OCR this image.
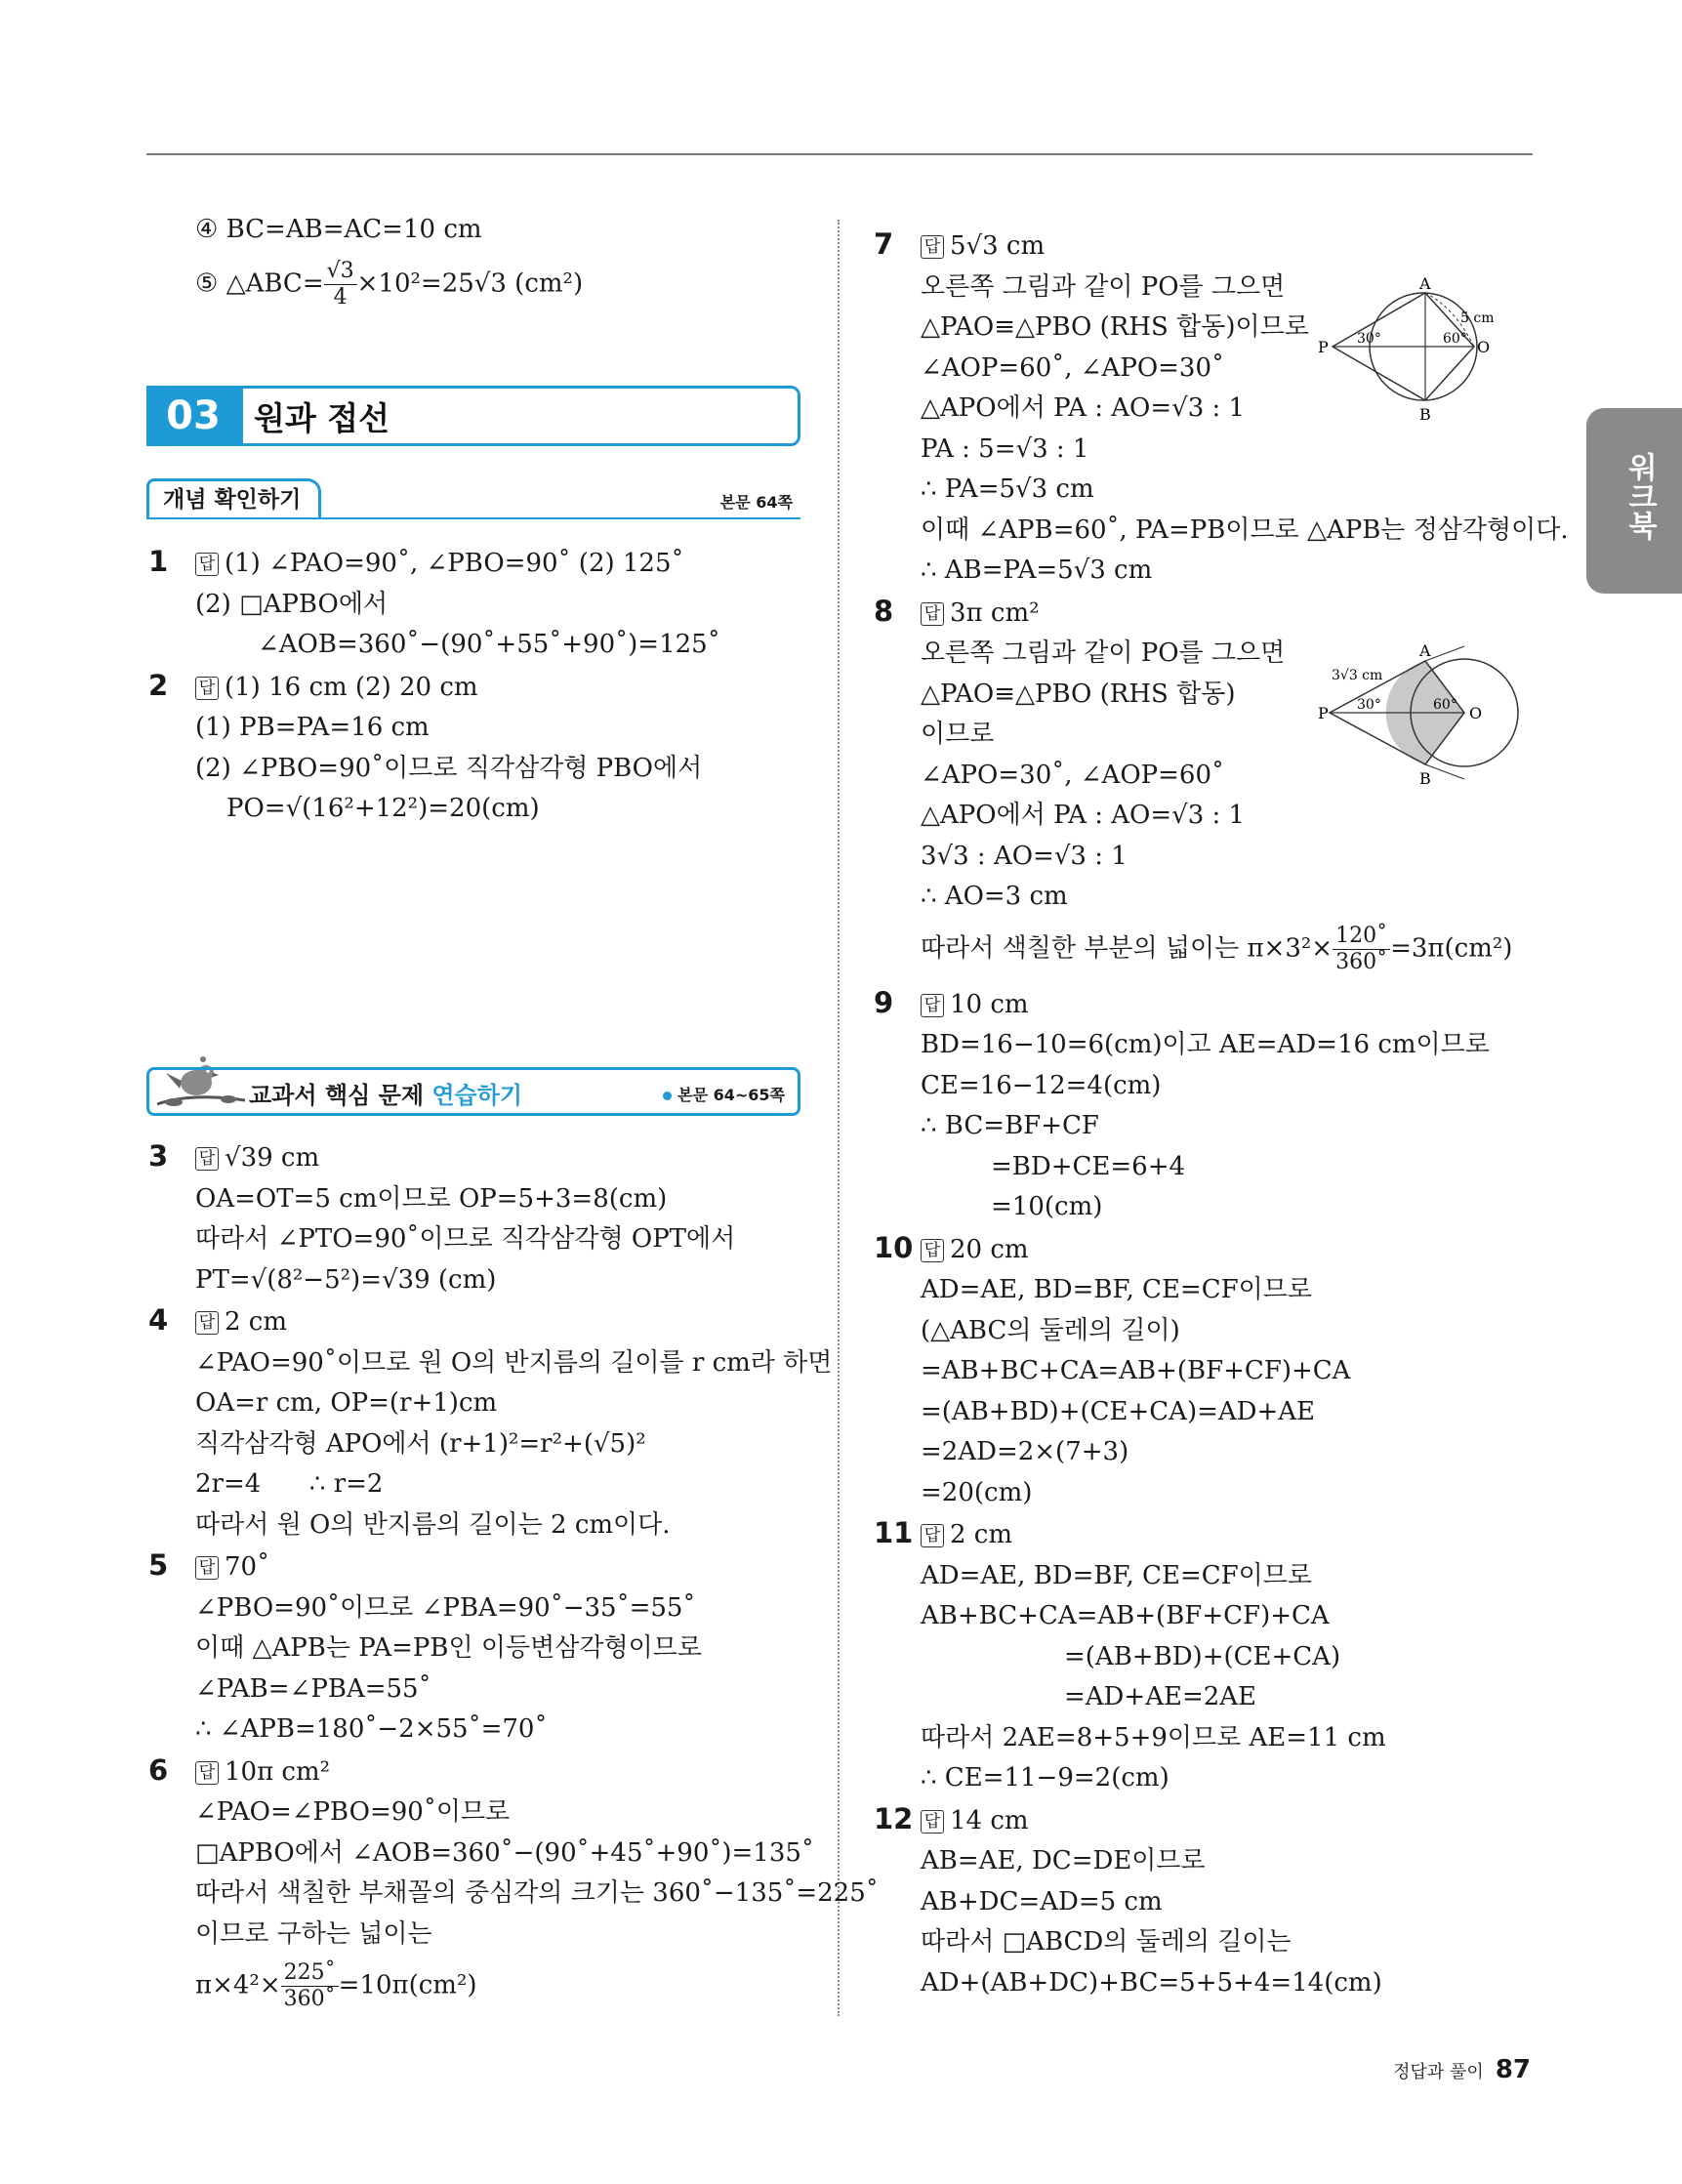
워크북
④ BC=AB=AC=10 cm
⑤ △ABC= $\frac{√3}{4} \times 10^2=25√3$ (cm²)
03	원과 접선
개념 확인하기	본문 64쪽
1 답 (1) ∠PAO=90˚, ∠PBO=90˚ (2) 125˚
(2) □APBO에서
∠AOB=360˚−(90˚+55˚+90˚)=125˚
2 답 (1) 16 cm (2) 20 cm
(1) PB=PA=16 cm
(2) ∠PBO=90˚이므로 직각삼각형 PBO에서
PO=√(16²+12²)=20(cm)
교과서 핵심 문제 연습하기	본문 64~65쪽
3 답 √39 cm
OA=OT=5 cm이므로 OP=5+3=8(cm)
따라서 ∠PTO=90˚이므로 직각삼각형 OPT에서
PT=√(8²−5²)=√39 (cm)
4 답 2 cm
∠PAO=90˚이므로 원 O의 반지름의 길이를 r cm라 하면
OA=r cm, OP=(r+1)cm
직각삼각형 APO에서 (r+1)²=r²+(√5)²
2r=4      ∴ r=2
따라서 원 O의 반지름의 길이는 2 cm이다.
5 답 70˚
∠PBO=90˚이므로 ∠PBA=90˚−35˚=55˚
이때 △APB는 PA=PB인 이등변삼각형이므로
∠PAB=∠PBA=55˚
∴ ∠APB=180˚−2×55˚=70˚
6 답 10π cm²
∠PAO=∠PBO=90˚이므로
□APBO에서 ∠AOB=360˚−(90˚+45˚+90˚)=135˚
따라서 색칠한 부채꼴의 중심각의 크기는 360˚−135˚=225˚
이므로 구하는 넓이는
$\pi\times 4^2\times \frac{225˚}{360˚} =10\pi(cm^2)$
7 답 5√3 cm
오른쪽 그림과 같이 PO를 그으면
△PAO≡△PBO (RHS 합동)이므로
∠AOP=60˚, ∠APO=30˚
△APO에서 PA : AO=√3 : 1
PA : 5=√3 : 1
∴ PA=5√3 cm
이때 ∠APB=60˚, PA=PB이므로 △APB는 정삼각형이다.
∴ AB=PA=5√3 cm
8 답 3π cm²
오른쪽 그림과 같이 PO를 그으면
△PAO≡△PBO (RHS 합동)
이므로
∠APO=30˚, ∠AOP=60˚
△APO에서 PA : AO=√3 : 1
3√3 : AO=√3 : 1
∴ AO=3 cm
따라서 색칠한 부분의 넓이는 $\pi\times 3^2\times \frac{120˚}{360˚} =3\pi(cm^2)$
9 답 10 cm
BD=16−10=6(cm)이고 AE=AD=16 cm이므로
CE=16−12=4(cm)
∴ BC=BF+CF
=BD+CE=6+4
=10(cm)
10 답 20 cm
AD=AE, BD=BF, CE=CF이므로
(△ABC의 둘레의 길이)
=AB+BC+CA=AB+(BF+CF)+CA
=(AB+BD)+(CE+CA)=AD+AE
=2AD=2×(7+3)
=20(cm)
11 답 2 cm
AD=AE, BD=BF, CE=CF이므로
AB+BC+CA=AB+(BF+CF)+CA
=(AB+BD)+(CE+CA)
=AD+AE=2AE
따라서 2AE=8+5+9이므로 AE=11 cm
∴ CE=11−9=2(cm)
12 답 14 cm
AB=AE, DC=DE이므로
AB+DC=AD=5 cm
따라서 □ABCD의 둘레의 길이는
AD+(AB+DC)+BC=5+5+4=14(cm)
A
B
P	O
30°	60°
5 cm
A
B
P	O
30°	60°
3√3 cm
정답과 풀이 87
